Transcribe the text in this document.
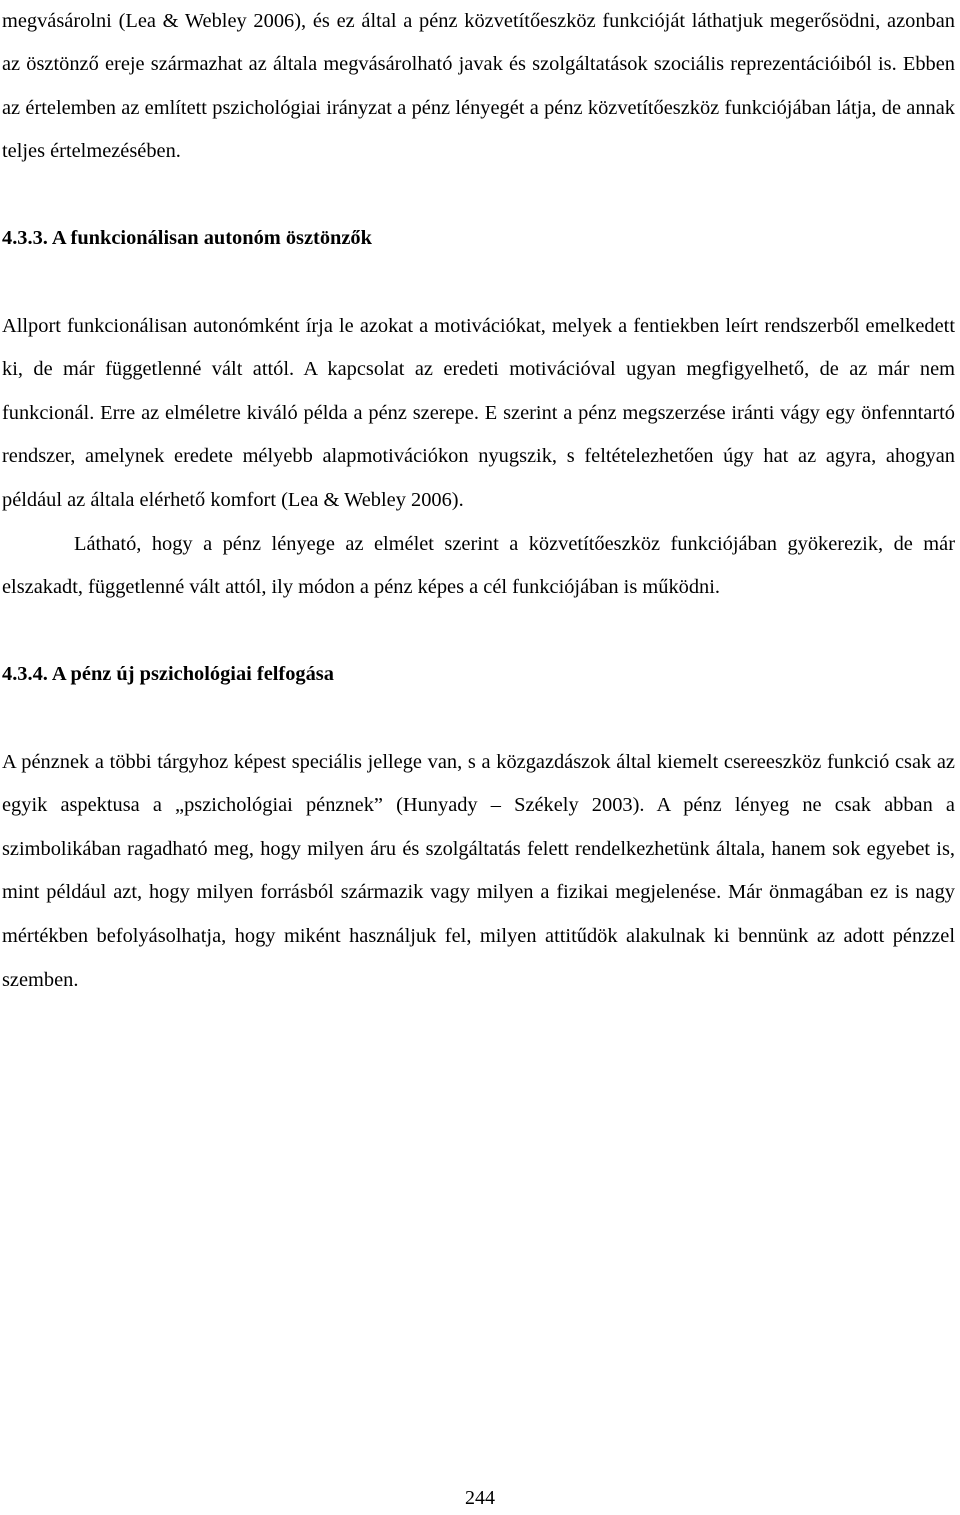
megvásárolni (Lea & Webley 2006), és ez által a pénz közvetítőeszköz funkcióját láthatjuk megerősödni, azonban az ösztönző ereje származhat az általa megvásárolható javak és szolgáltatások szociális reprezentációiból is. Ebben az értelemben az említett pszichológiai irányzat a pénz lényegét a pénz közvetítőeszköz funkciójában látja, de annak teljes értelmezésében.

4.3.3. A funkcionálisan autonóm ösztönzők

Allport funkcionálisan autonómként írja le azokat a motivációkat, melyek a fentiekben leírt rendszerből emelkedett ki, de már függetlenné vált attól. A kapcsolat az eredeti motivációval ugyan megfigyelhető, de az már nem funkcionál. Erre az elméletre kiváló példa a pénz szerepe. E szerint a pénz megszerzése iránti vágy egy önfenntartó rendszer, amelynek eredete mélyebb alapmotivációkon nyugszik, s feltételezhetően úgy hat az agyra, ahogyan például az általa elérhető komfort (Lea & Webley 2006).

Látható, hogy a pénz lényege az elmélet szerint a közvetítőeszköz funkciójában gyökerezik, de már elszakadt, függetlenné vált attól, ily módon a pénz képes a cél funkciójában is működni.

4.3.4. A pénz új pszichológiai felfogása

A pénznek a többi tárgyhoz képest speciális jellege van, s a közgazdászok által kiemelt csereeszköz funkció csak az egyik aspektusa a „pszichológiai pénznek” (Hunyady – Székely 2003). A pénz lényeg ne csak abban a szimbolikában ragadható meg, hogy milyen áru és szolgáltatás felett rendelkezhetünk általa, hanem sok egyebet is, mint például azt, hogy milyen forrásból származik vagy milyen a fizikai megjelenése. Már önmagában ez is nagy mértékben befolyásolhatja, hogy miként használjuk fel, milyen attitűdök alakulnak ki bennünk az adott pénzzel szemben.

244
